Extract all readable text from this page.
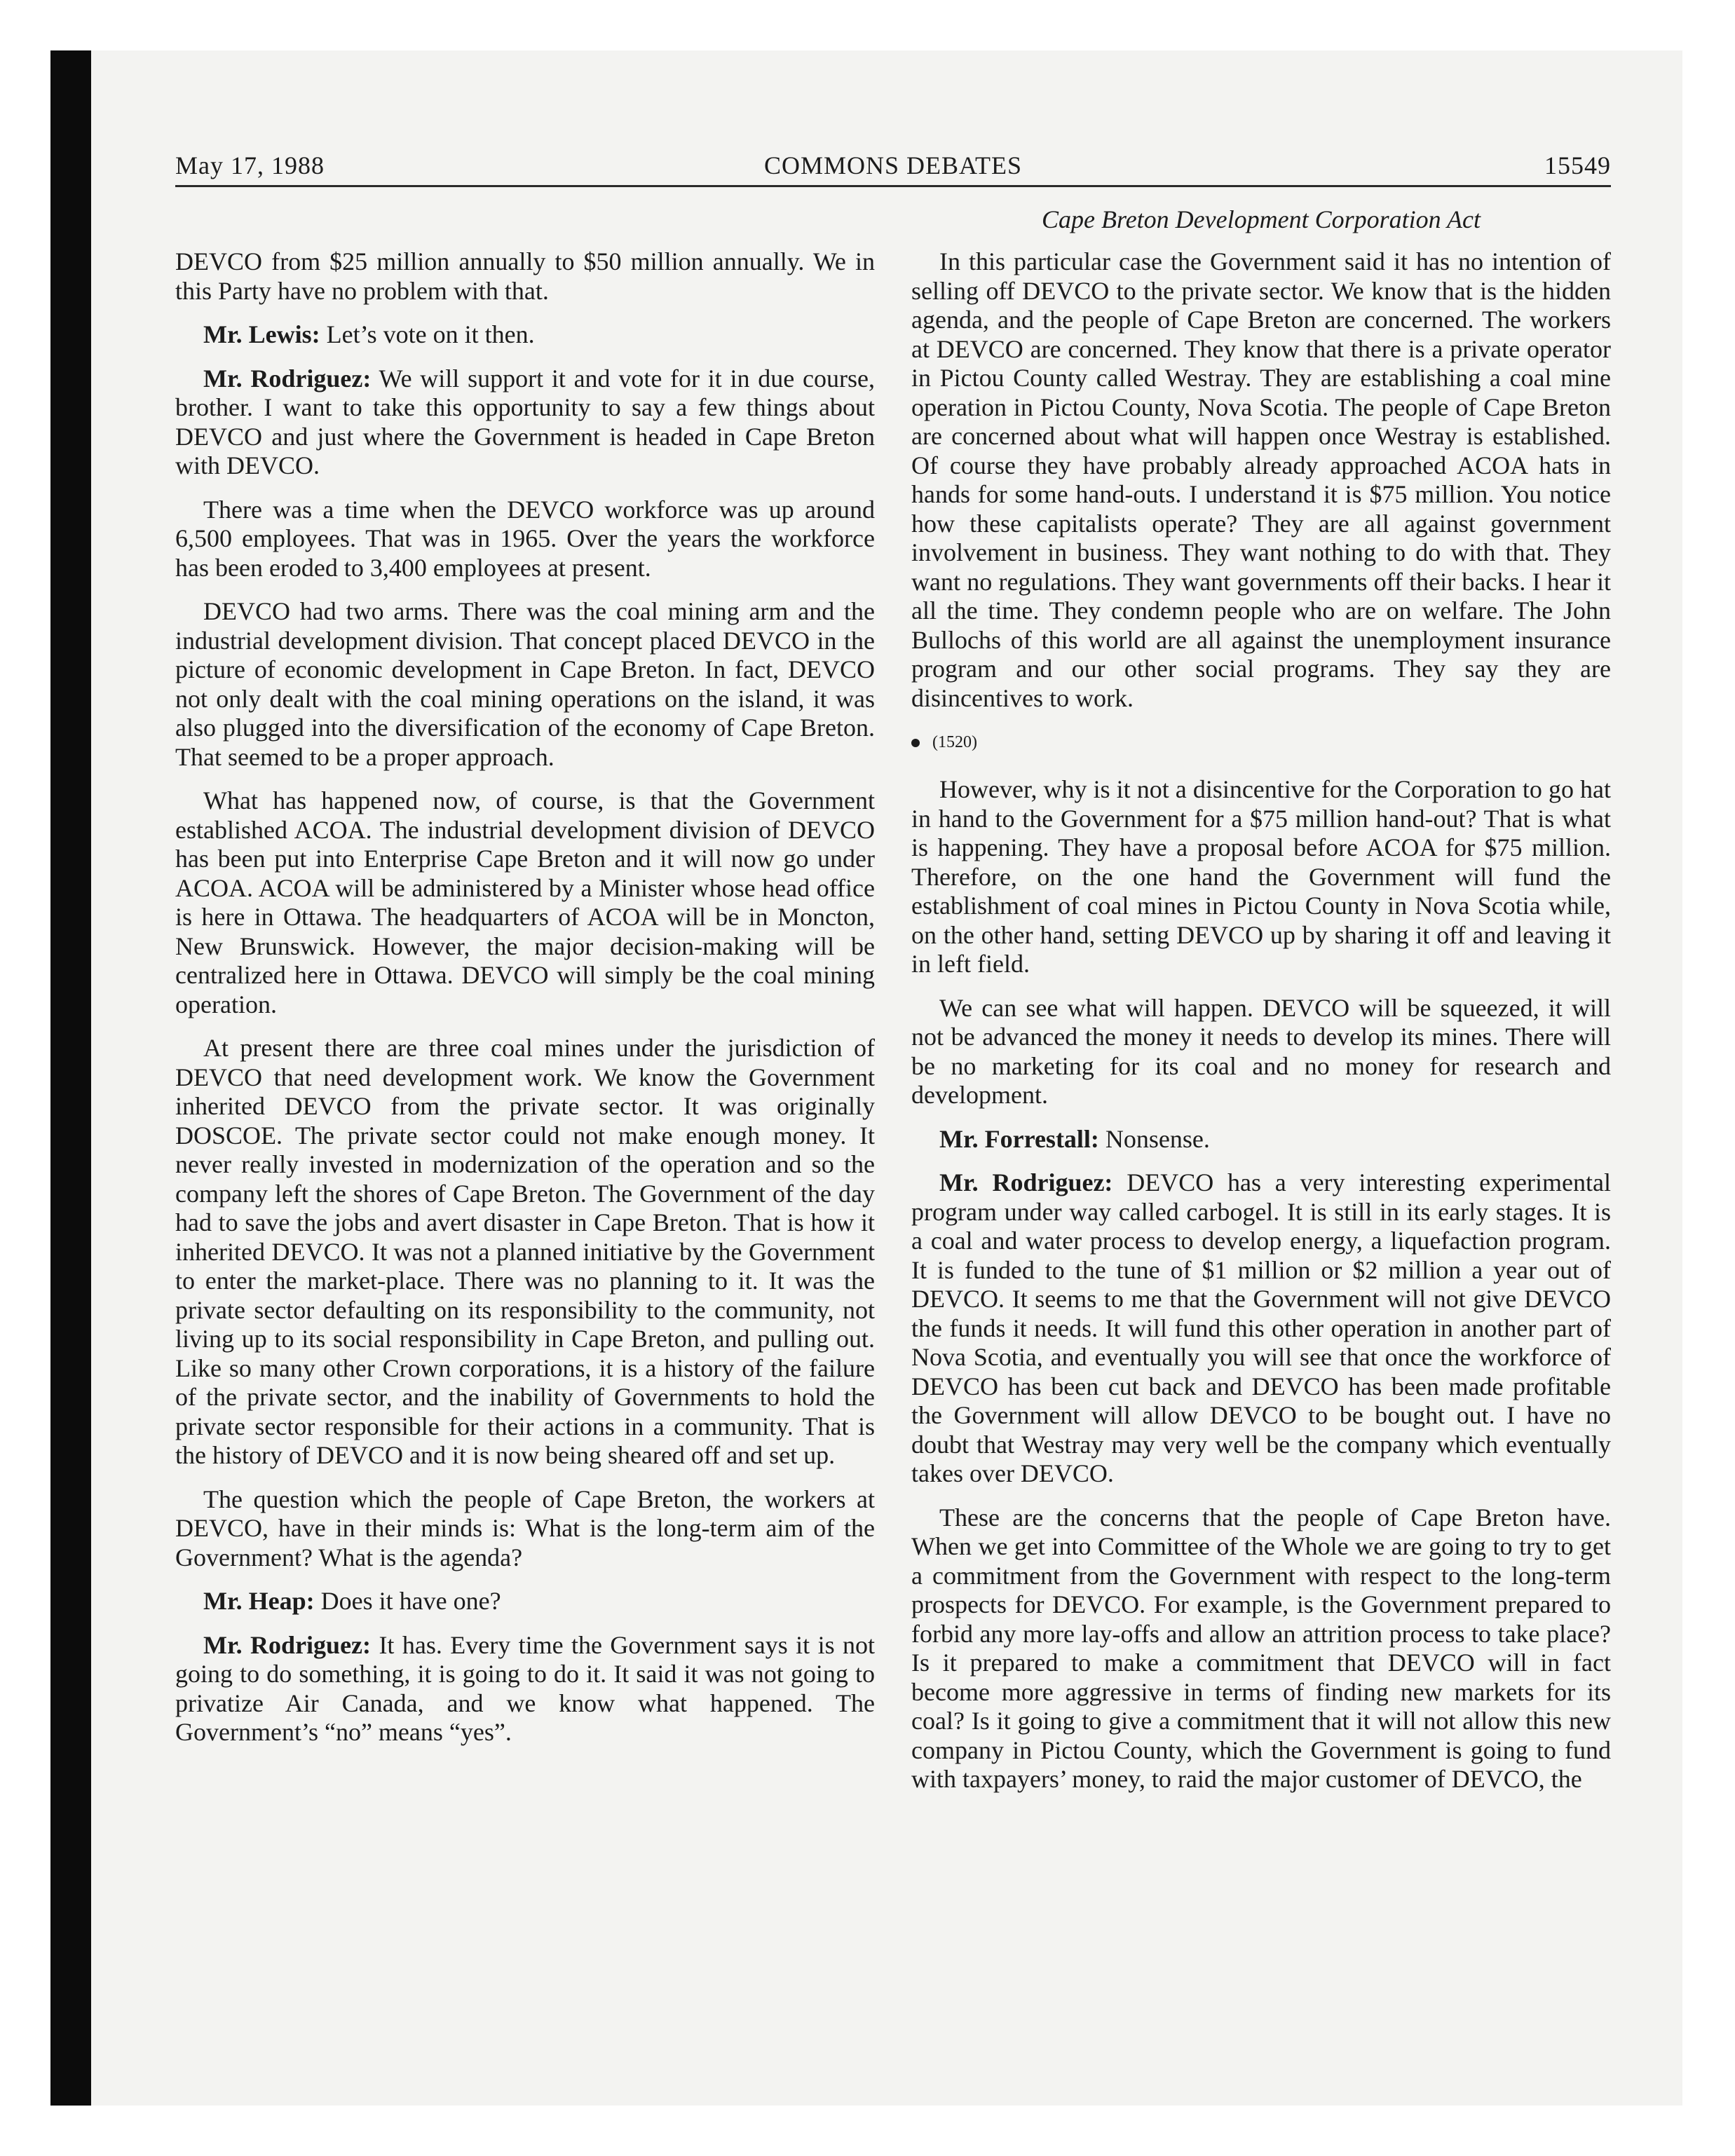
May 17, 1988	COMMONS DEBATES	15549
Cape Breton Development Corporation Act

DEVCO from $25 million annually to $50 million annually. We in this Party have no problem with that.

Mr. Lewis: Let’s vote on it then.

Mr. Rodriguez: We will support it and vote for it in due course, brother. I want to take this opportunity to say a few things about DEVCO and just where the Government is headed in Cape Breton with DEVCO.

There was a time when the DEVCO workforce was up around 6,500 employees. That was in 1965. Over the years the workforce has been eroded to 3,400 employees at present.

DEVCO had two arms. There was the coal mining arm and the industrial development division. That concept placed DEVCO in the picture of economic development in Cape Breton. In fact, DEVCO not only dealt with the coal mining operations on the island, it was also plugged into the diversification of the economy of Cape Breton. That seemed to be a proper approach.

What has happened now, of course, is that the Government established ACOA. The industrial development division of DEVCO has been put into Enterprise Cape Breton and it will now go under ACOA. ACOA will be administered by a Minister whose head office is here in Ottawa. The headquarters of ACOA will be in Moncton, New Brunswick. However, the major decision-making will be centralized here in Ottawa. DEVCO will simply be the coal mining operation.

At present there are three coal mines under the jurisdiction of DEVCO that need development work. We know the Government inherited DEVCO from the private sector. It was originally DOSCOE. The private sector could not make enough money. It never really invested in modernization of the operation and so the company left the shores of Cape Breton. The Government of the day had to save the jobs and avert disaster in Cape Breton. That is how it inherited DEVCO. It was not a planned initiative by the Government to enter the market-place. There was no planning to it. It was the private sector defaulting on its responsibility to the community, not living up to its social responsibility in Cape Breton, and pulling out. Like so many other Crown corporations, it is a history of the failure of the private sector, and the inability of Governments to hold the private sector responsible for their actions in a community. That is the history of DEVCO and it is now being sheared off and set up.

The question which the people of Cape Breton, the workers at DEVCO, have in their minds is: What is the long-term aim of the Government? What is the agenda?

Mr. Heap: Does it have one?

Mr. Rodriguez: It has. Every time the Government says it is not going to do something, it is going to do it. It said it was not going to privatize Air Canada, and we know what happened. The Government’s “no” means “yes”.

In this particular case the Government said it has no intention of selling off DEVCO to the private sector. We know that is the hidden agenda, and the people of Cape Breton are concerned. The workers at DEVCO are concerned. They know that there is a private operator in Pictou County called Westray. They are establishing a coal mine operation in Pictou County, Nova Scotia. The people of Cape Breton are concerned about what will happen once Westray is established. Of course they have probably already approached ACOA hats in hands for some hand-outs. I understand it is $75 million. You notice how these capitalists operate? They are all against government involvement in business. They want nothing to do with that. They want no regulations. They want governments off their backs. I hear it all the time. They condemn people who are on welfare. The John Bullochs of this world are all against the unemployment insurance program and our other social programs. They say they are disincentives to work.

(1520)

However, why is it not a disincentive for the Corporation to go hat in hand to the Government for a $75 million hand-out? That is what is happening. They have a proposal before ACOA for $75 million. Therefore, on the one hand the Government will fund the establishment of coal mines in Pictou County in Nova Scotia while, on the other hand, setting DEVCO up by sharing it off and leaving it in left field.

We can see what will happen. DEVCO will be squeezed, it will not be advanced the money it needs to develop its mines. There will be no marketing for its coal and no money for research and development.

Mr. Forrestall: Nonsense.

Mr. Rodriguez: DEVCO has a very interesting experimental program under way called carbogel. It is still in its early stages. It is a coal and water process to develop energy, a liquefaction program. It is funded to the tune of $1 million or $2 million a year out of DEVCO. It seems to me that the Government will not give DEVCO the funds it needs. It will fund this other operation in another part of Nova Scotia, and eventually you will see that once the workforce of DEVCO has been cut back and DEVCO has been made profitable the Government will allow DEVCO to be bought out. I have no doubt that Westray may very well be the company which eventually takes over DEVCO.

These are the concerns that the people of Cape Breton have. When we get into Committee of the Whole we are going to try to get a commitment from the Government with respect to the long-term prospects for DEVCO. For example, is the Government prepared to forbid any more lay-offs and allow an attrition process to take place? Is it prepared to make a commitment that DEVCO will in fact become more aggressive in terms of finding new markets for its coal? Is it going to give a commitment that it will not allow this new company in Pictou County, which the Government is going to fund with taxpayers’ money, to raid the major customer of DEVCO, the
